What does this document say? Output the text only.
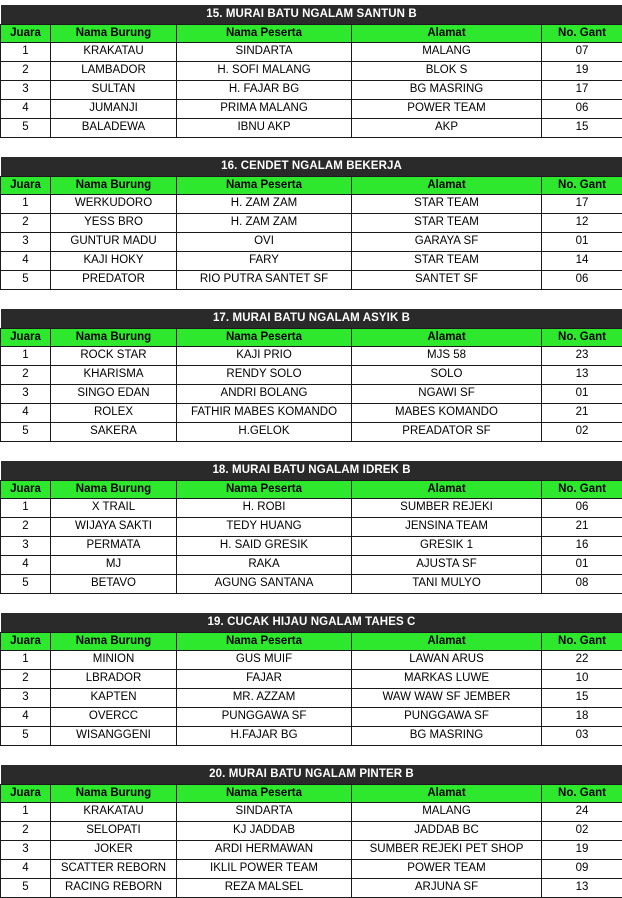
15. MURAI BATU NGALAM SANTUN B				
Juara	Nama Burung	Nama Peserta	Alamat	No. Gant
1	KRAKATAU	SINDARTA	MALANG	07
2	LAMBADOR	H. SOFI MALANG	BLOK S	19
3	SULTAN	H. FAJAR BG	BG MASRING	17
4	JUMANJI	PRIMA MALANG	POWER TEAM	06
5	BALADEWA	IBNU AKP	AKP	15
16. CENDET NGALAM BEKERJA				
Juara	Nama Burung	Nama Peserta	Alamat	No. Gant
1	WERKUDORO	H. ZAM ZAM	STAR TEAM	17
2	YESS BRO	H. ZAM ZAM	STAR TEAM	12
3	GUNTUR MADU	OVI	GARAYA SF	01
4	KAJI HOKY	FARY	STAR TEAM	14
5	PREDATOR	RIO PUTRA SANTET SF	SANTET SF	06
17. MURAI BATU NGALAM ASYIK B				
Juara	Nama Burung	Nama Peserta	Alamat	No. Gant
1	ROCK STAR	KAJI PRIO	MJS 58	23
2	KHARISMA	RENDY SOLO	SOLO	13
3	SINGO EDAN	ANDRI BOLANG	NGAWI SF	01
4	ROLEX	FATHIR MABES KOMANDO	MABES KOMANDO	21
5	SAKERA	H.GELOK	PREADATOR SF	02
18. MURAI BATU NGALAM IDREK B				
Juara	Nama Burung	Nama Peserta	Alamat	No. Gant
1	X TRAIL	H. ROBI	SUMBER REJEKI	06
2	WIJAYA SAKTI	TEDY HUANG	JENSINA TEAM	21
3	PERMATA	H. SAID GRESIK	GRESIK 1	16
4	MJ	RAKA	AJUSTA SF	01
5	BETAVO	AGUNG SANTANA	TANI MULYO	08
19. CUCAK HIJAU NGALAM TAHES C				
Juara	Nama Burung	Nama Peserta	Alamat	No. Gant
1	MINION	GUS MUIF	LAWAN ARUS	22
2	LBRADOR	FAJAR	MARKAS LUWE	10
3	KAPTEN	MR. AZZAM	WAW WAW SF JEMBER	15
4	OVERCC	PUNGGAWA SF	PUNGGAWA SF	18
5	WISANGGENI	H.FAJAR BG	BG MASRING	03
20. MURAI BATU NGALAM PINTER B				
Juara	Nama Burung	Nama Peserta	Alamat	No. Gant
1	KRAKATAU	SINDARTA	MALANG	24
2	SELOPATI	KJ JADDAB	JADDAB BC	02
3	JOKER	ARDI HERMAWAN	SUMBER REJEKI PET SHOP	19
4	SCATTER REBORN	IKLIL POWER TEAM	POWER TEAM	09
5	RACING REBORN	REZA MALSEL	ARJUNA SF	13
